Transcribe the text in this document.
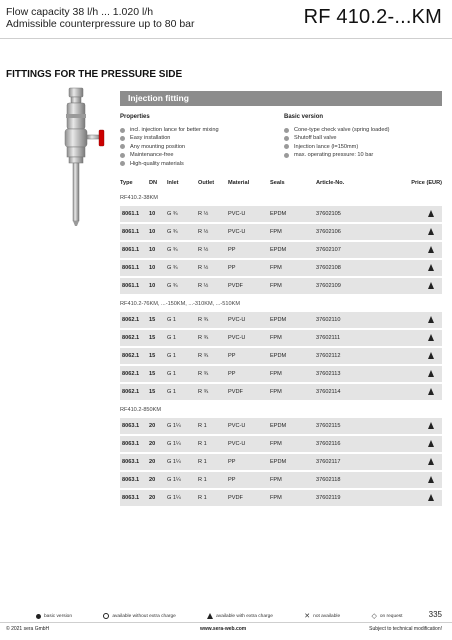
Flow capacity 38 l/h ... 1.020 l/h
Admissible counterpressure up to 80 bar	RF 410.2-...KM
FITTINGS FOR THE PRESSURE SIDE
Injection fitting
Properties
incl. injection lance for better mixing
Easy installation
Any mounting position
Maintenance-free
High-quality materials
Basic version
Cone-type check valve (spring loaded)
Shutoff ball valve
Injection lance (l=150mm)
max. operating pressure: 10 bar
Type	DN	Inlet	Outlet	Material	Seals	Article-No.	Price (EUR)
RF410.2-38KM							
8061.1	10	G ¾	R ½	PVC-U	EPDM	37602105	
8061.1	10	G ¾	R ½	PVC-U	FPM	37602106	
8061.1	10	G ¾	R ½	PP	EPDM	37602107	
8061.1	10	G ¾	R ½	PP	FPM	37602108	
8061.1	10	G ¾	R ½	PVDF	FPM	37602109	
RF410.2-76KM, ...-150KM, ...-310KM, ...-510KM							
8062.1	15	G 1	R ¾	PVC-U	EPDM	37602110	
8062.1	15	G 1	R ¾	PVC-U	FPM	37602111	
8062.1	15	G 1	R ¾	PP	EPDM	37602112	
8062.1	15	G 1	R ¾	PP	FPM	37602113	
8062.1	15	G 1	R ¾	PVDF	FPM	37602114	
RF410.2-850KM							
8063.1	20	G 1¼	R 1	PVC-U	EPDM	37602115	
8063.1	20	G 1¼	R 1	PVC-U	FPM	37602116	
8063.1	20	G 1¼	R 1	PP	EPDM	37602117	
8063.1	20	G 1¼	R 1	PP	FPM	37602118	
8063.1	20	G 1¼	R 1	PVDF	FPM	37602119	
basic version	available without extra charge	available with extra charge	✕ not available	◇ on request	335
© 2021 sera GmbH	www.sera-web.com	Subject to technical modification!
